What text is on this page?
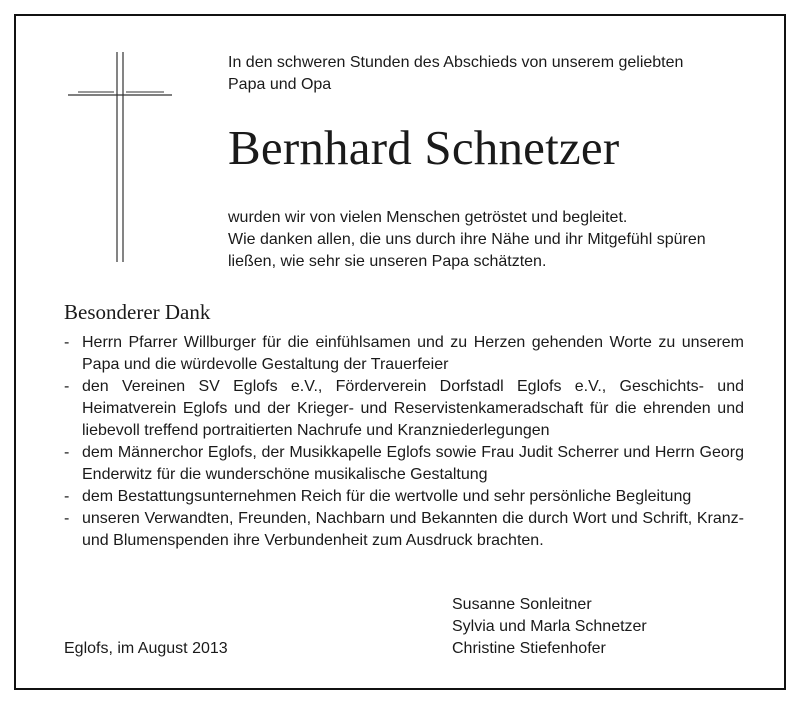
In den schweren Stunden des Abschieds von unserem geliebten
Papa und Opa
Bernhard Schnetzer
wurden wir von vielen Menschen getröstet und begleitet.
Wie danken allen, die uns durch ihre Nähe und ihr Mitgefühl spüren
ließen, wie sehr sie unseren Papa schätzten.
Besonderer Dank
- Herrn Pfarrer Willburger für die einfühlsamen und zu Herzen gehenden Worte zu unserem Papa und die würdevolle Gestaltung der Trauerfeier
- den Vereinen SV Eglofs e.V., Förderverein Dorfstadl Eglofs e.V., Geschichts- und Heimatverein Eglofs und der Krieger- und Reservistenkameradschaft für die ehrenden und liebevoll treffend portraitierten Nachrufe und Kranzniederlegungen
- dem Männerchor Eglofs, der Musikkapelle Eglofs sowie Frau Judit Scherrer und Herrn Georg Enderwitz für die wunderschöne musikalische Gestaltung
- dem Bestattungsunternehmen Reich für die wertvolle und sehr persönliche Begleitung
- unseren Verwandten, Freunden, Nachbarn und Bekannten die durch Wort und Schrift, Kranz- und Blumenspenden ihre Verbundenheit zum Ausdruck brachten.
Susanne Sonleitner
Sylvia und Marla Schnetzer
Christine Stiefenhofer
Eglofs, im August 2013
